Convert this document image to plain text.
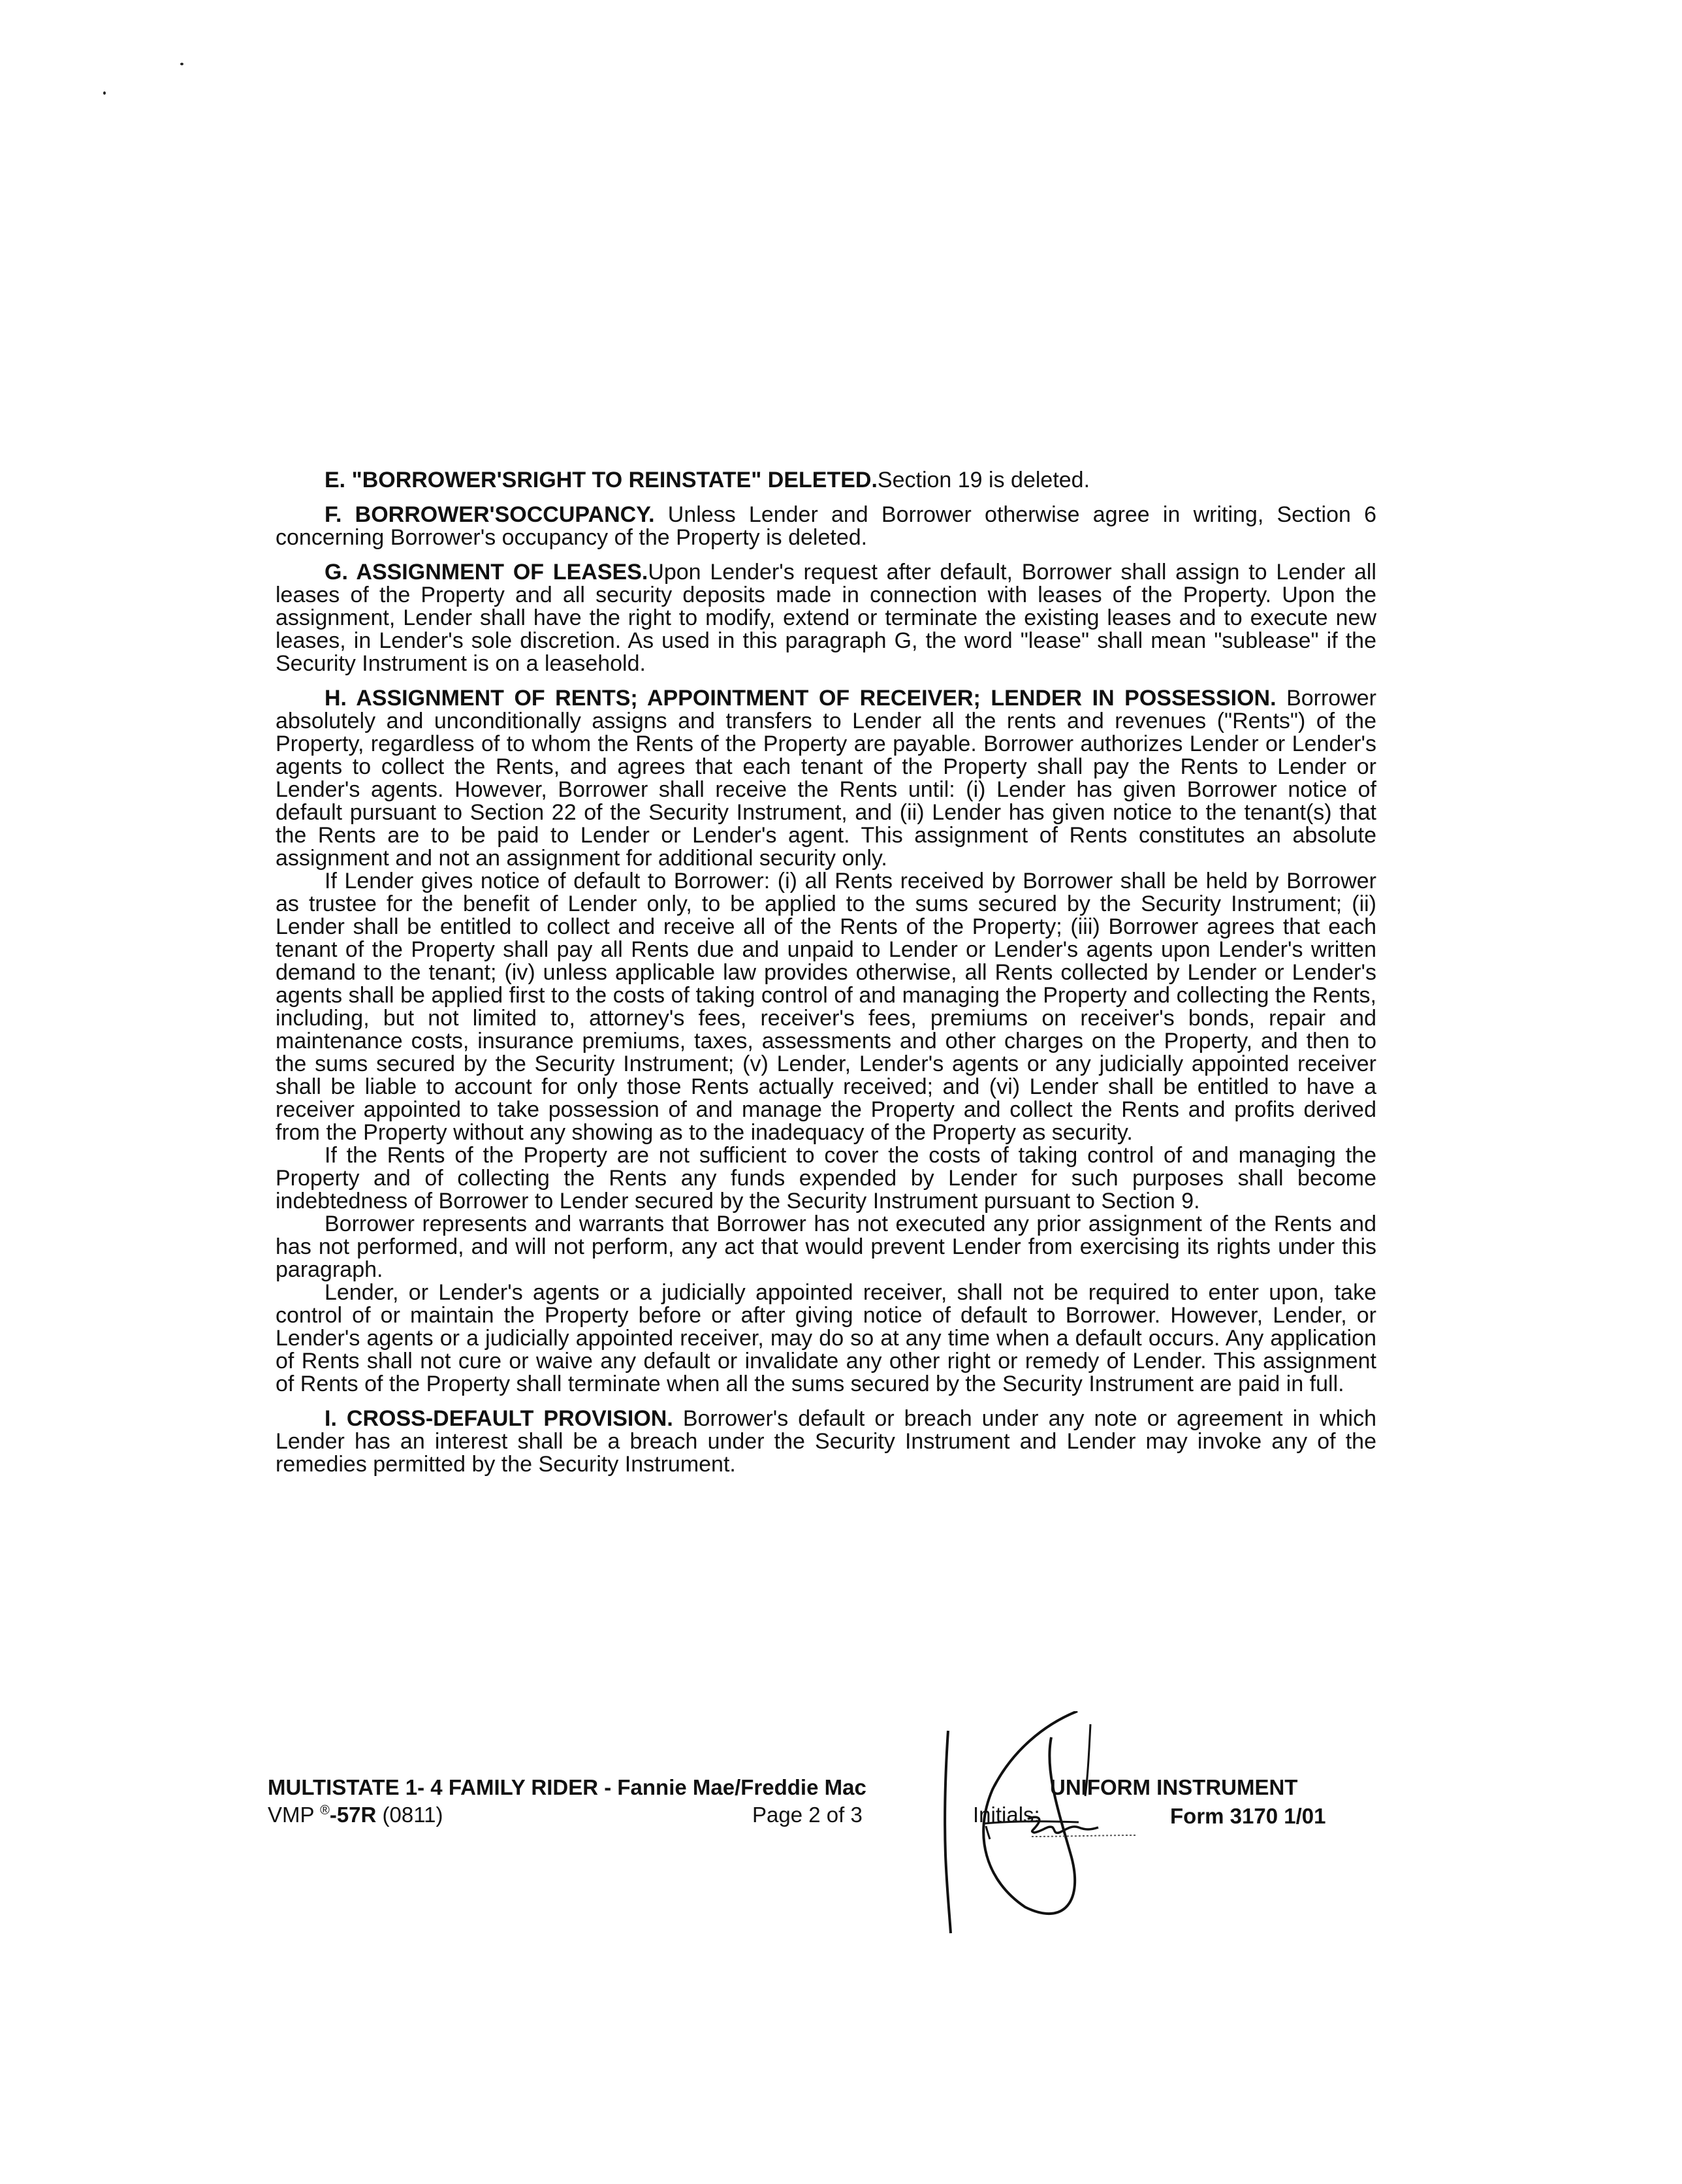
E. "BORROWER'SRIGHT TO REINSTATE" DELETED.Section 19 is deleted.

F. BORROWER'SOCCUPANCY. Unless Lender and Borrower otherwise agree in writing, Section 6 concerning Borrower's occupancy of the Property is deleted.

G. ASSIGNMENT OF LEASES.Upon Lender's request after default, Borrower shall assign to Lender all leases of the Property and all security deposits made in connection with leases of the Property. Upon the assignment, Lender shall have the right to modify, extend or terminate the existing leases and to execute new leases, in Lender's sole discretion. As used in this paragraph G, the word "lease" shall mean "sublease" if the Security Instrument is on a leasehold.

H. ASSIGNMENT OF RENTS; APPOINTMENT OF RECEIVER; LENDER IN POSSESSION. Borrower absolutely and unconditionally assigns and transfers to Lender all the rents and revenues ("Rents") of the Property, regardless of to whom the Rents of the Property are payable. Borrower authorizes Lender or Lender's agents to collect the Rents, and agrees that each tenant of the Property shall pay the Rents to Lender or Lender's agents. However, Borrower shall receive the Rents until: (i) Lender has given Borrower notice of default pursuant to Section 22 of the Security Instrument, and (ii) Lender has given notice to the tenant(s) that the Rents are to be paid to Lender or Lender's agent. This assignment of Rents constitutes an absolute assignment and not an assignment for additional security only.

If Lender gives notice of default to Borrower: (i) all Rents received by Borrower shall be held by Borrower as trustee for the benefit of Lender only, to be applied to the sums secured by the Security Instrument; (ii) Lender shall be entitled to collect and receive all of the Rents of the Property; (iii) Borrower agrees that each tenant of the Property shall pay all Rents due and unpaid to Lender or Lender's agents upon Lender's written demand to the tenant; (iv) unless applicable law provides otherwise, all Rents collected by Lender or Lender's agents shall be applied first to the costs of taking control of and managing the Property and collecting the Rents, including, but not limited to, attorney's fees, receiver's fees, premiums on receiver's bonds, repair and maintenance costs, insurance premiums, taxes, assessments and other charges on the Property, and then to the sums secured by the Security Instrument; (v) Lender, Lender's agents or any judicially appointed receiver shall be liable to account for only those Rents actually received; and (vi) Lender shall be entitled to have a receiver appointed to take possession of and manage the Property and collect the Rents and profits derived from the Property without any showing as to the inadequacy of the Property as security.

If the Rents of the Property are not sufficient to cover the costs of taking control of and managing the Property and of collecting the Rents any funds expended by Lender for such purposes shall become indebtedness of Borrower to Lender secured by the Security Instrument pursuant to Section 9.

Borrower represents and warrants that Borrower has not executed any prior assignment of the Rents and has not performed, and will not perform, any act that would prevent Lender from exercising its rights under this paragraph.

Lender, or Lender's agents or a judicially appointed receiver, shall not be required to enter upon, take control of or maintain the Property before or after giving notice of default to Borrower. However, Lender, or Lender's agents or a judicially appointed receiver, may do so at any time when a default occurs. Any application of Rents shall not cure or waive any default or invalidate any other right or remedy of Lender. This assignment of Rents of the Property shall terminate when all the sums secured by the Security Instrument are paid in full.

I. CROSS-DEFAULT PROVISION. Borrower's default or breach under any note or agreement in which Lender has an interest shall be a breach under the Security Instrument and Lender may invoke any of the remedies permitted by the Security Instrument.

MULTISTATE 1- 4 FAMILY RIDER - Fannie Mae/Freddie Mac	UNIFORM INSTRUMENT
VMP ®-57R (0811)	Page 2 of 3	Initials:	Form 3170 1/01
